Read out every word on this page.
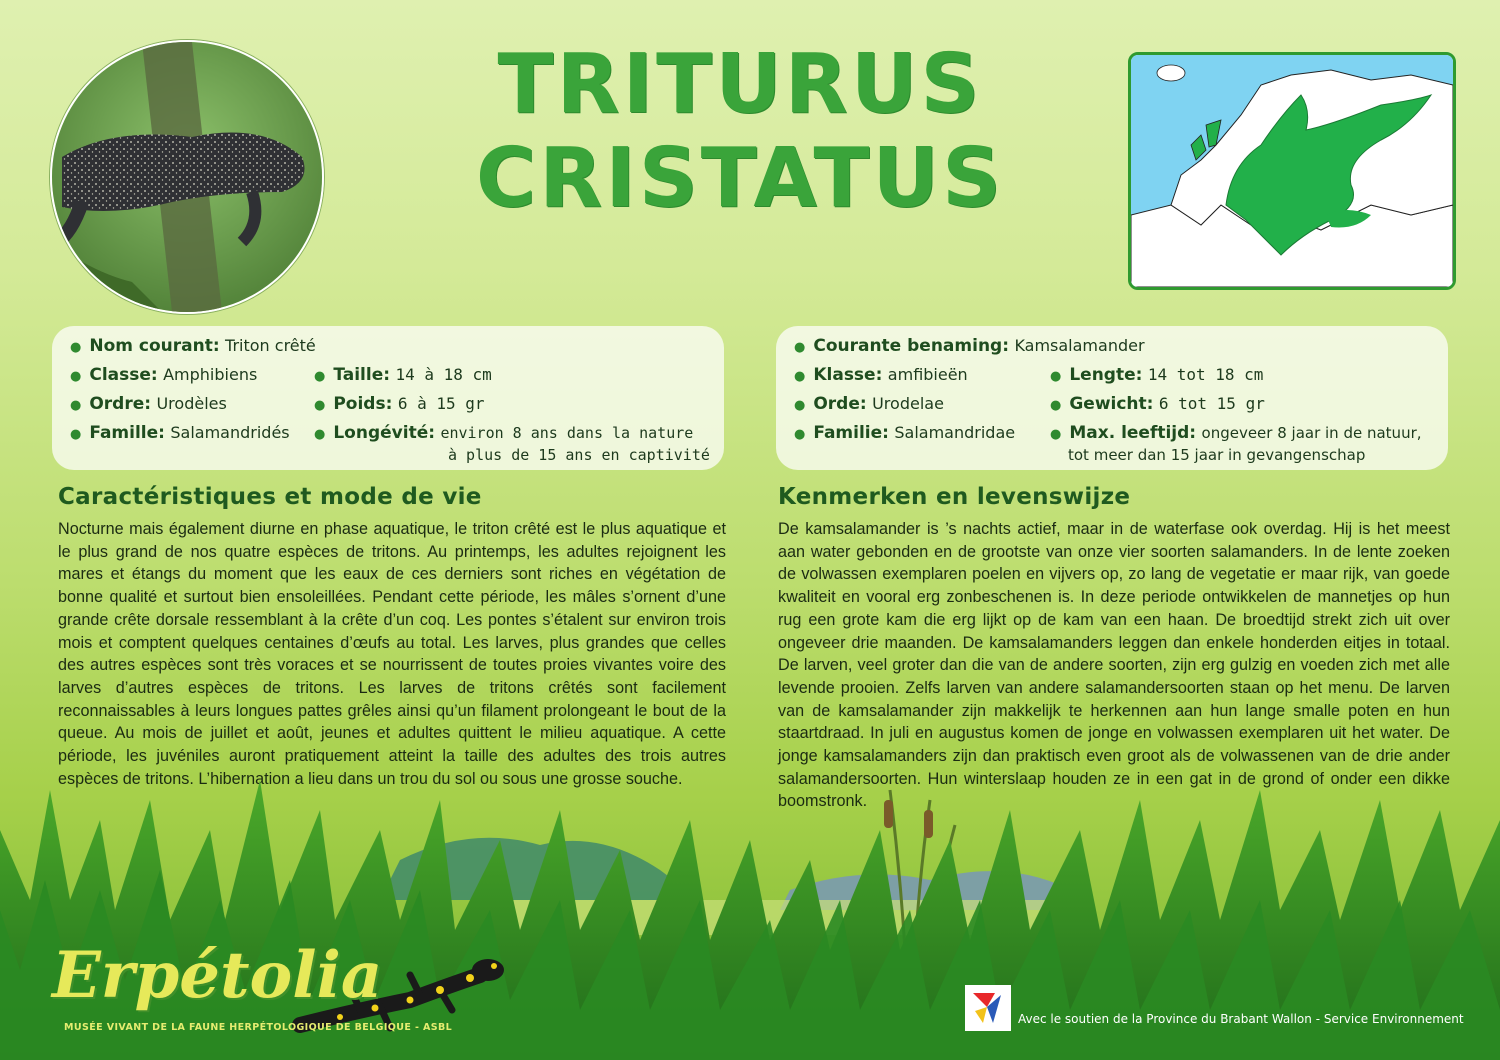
TRITURUS
CRISTATUS
● Nom courant: Triton crêté
● Classe: Amphibiens
● Ordre: Urodèles
● Famille: Salamandridés
● Taille: 14 à 18 cm
● Poids: 6 à 15 gr
● Longévité: environ 8 ans dans la nature
à plus de 15 ans en captivité
● Courante benaming: Kamsalamander
● Klasse: amfibieën
● Orde: Urodelae
● Familie: Salamandridae
● Lengte: 14 tot 18 cm
● Gewicht: 6 tot 15 gr
● Max. leeftijd: ongeveer 8 jaar in de natuur,
tot meer dan 15 jaar in gevangenschap
Caractéristiques et mode de vie	Kenmerken en levenswijze
Nocturne mais également diurne en phase aquatique, le triton crêté est le plus aquatique et le plus grand de nos quatre espèces de tritons. Au printemps, les adultes rejoignent les mares et étangs du moment que les eaux de ces derniers sont riches en végétation de bonne qualité et surtout bien ensoleillées. Pendant cette période, les mâles s’ornent d’une grande crête dorsale ressemblant à la crête d’un coq. Les pontes s’étalent sur environ trois mois et comptent quelques centaines d’œufs au total. Les larves, plus grandes que celles des autres espèces sont très voraces et se nourrissent de toutes proies vivantes voire des larves d’autres espèces de tritons. Les larves de tritons crêtés sont facilement reconnaissables à leurs longues pattes grêles ainsi qu’un filament prolongeant le bout de la queue. Au mois de juillet et août, jeunes et adultes quittent le milieu aquatique. A cette période, les juvéniles auront pratiquement atteint la taille des adultes des trois autres espèces de tritons. L’hibernation a lieu dans un trou du sol ou sous une grosse souche.
De kamsalamander is ’s nachts actief, maar in de waterfase ook overdag. Hij is het meest aan water gebonden en de grootste van onze vier soorten salamanders. In de lente zoeken de volwassen exemplaren poelen en vijvers op, zo lang de vegetatie er maar rijk, van goede kwaliteit en vooral erg zonbeschenen is. In deze periode ontwikkelen de mannetjes op hun rug een grote kam die erg lijkt op de kam van een haan. De broedtijd strekt zich uit over ongeveer drie maanden. De kamsalamanders leggen dan enkele honderden eitjes in totaal. De larven, veel groter dan die van de andere soorten, zijn erg gulzig en voeden zich met alle levende prooien. Zelfs larven van andere salamandersoorten staan op het menu. De larven van de kamsalamander zijn makkelijk te herkennen aan hun lange smalle poten en hun staartdraad. In juli en augustus komen de jonge en volwassen exemplaren uit het water. De jonge kamsalamanders zijn dan praktisch even groot als de volwassenen van de drie ander salamandersoorten. Hun winterslaap houden ze in een gat in de grond of onder een dikke boomstronk.
Erpétolia
MUSÉE VIVANT DE LA FAUNE HERPÉTOLOGIQUE DE BELGIQUE - ASBL
Avec le soutien de la Province du Brabant Wallon - Service Environnement
